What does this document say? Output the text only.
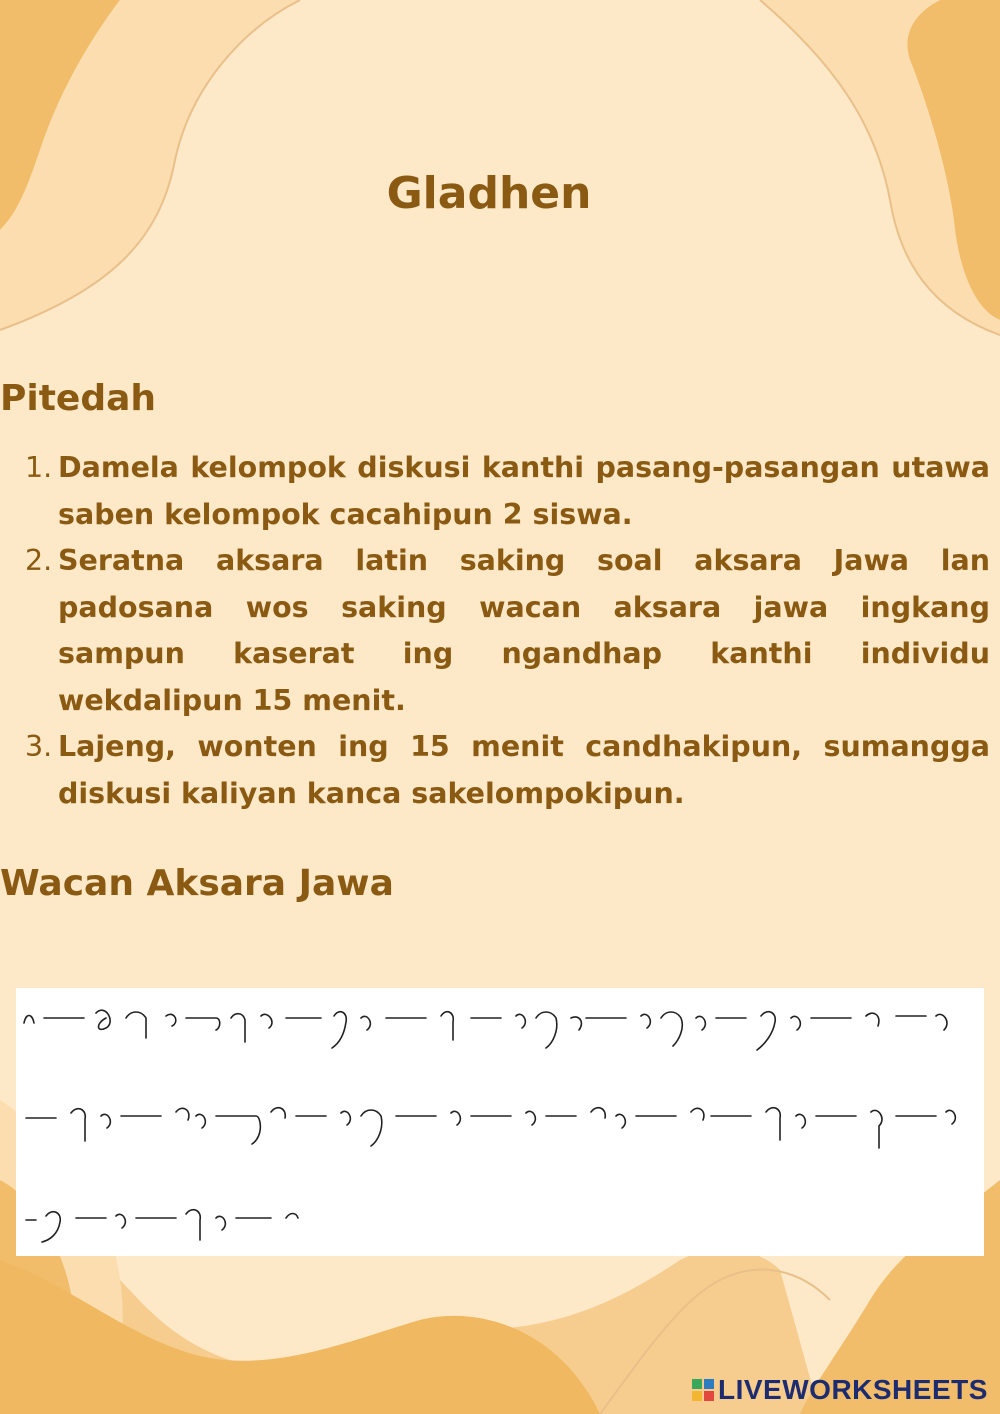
Gladhen
Pitedah
1. Damela kelompok diskusi kanthi pasang-pasangan utawa saben kelompok cacahipun 2 siswa.
2. Seratna aksara latin saking soal aksara Jawa lan padosana wos saking wacan aksara jawa ingkang sampun kaserat ing ngandhap kanthi individu wekdalipun 15 menit.
3. Lajeng, wonten ing 15 menit candhakipun, sumangga diskusi kaliyan kanca sakelompokipun.
Wacan Aksara Jawa
LIVEWORKSHEETS
